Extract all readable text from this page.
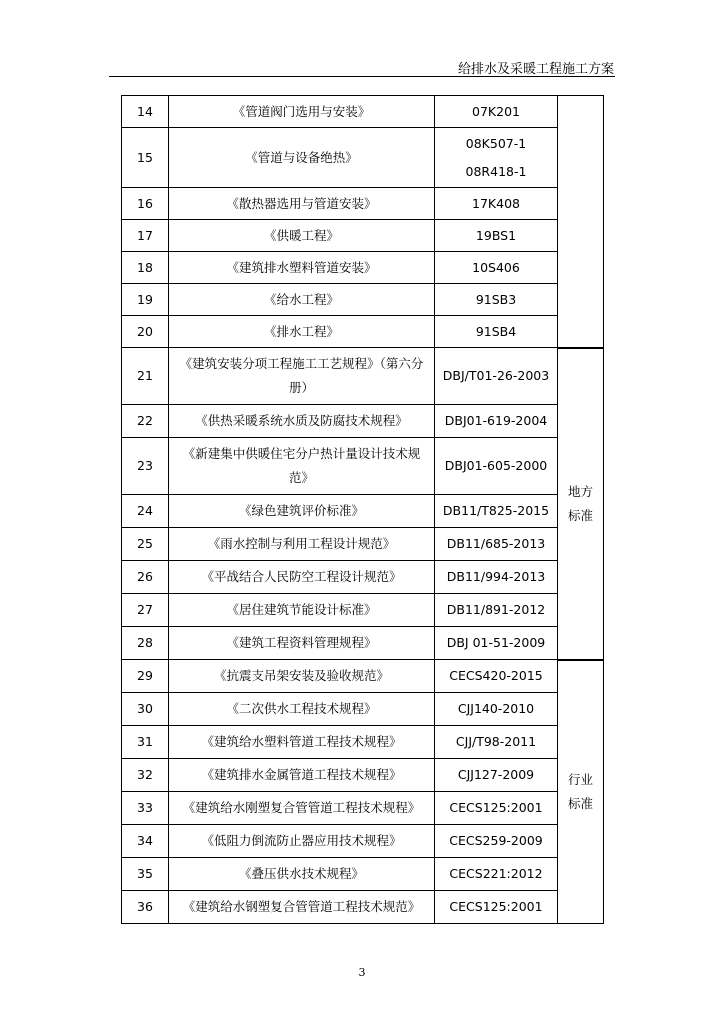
给排水及采暖工程施工方案
14	《管道阀门选用与安装》	07K201	

15	《管道与设备绝热》	08K507-1
08R418-1	

16	《散热器选用与管道安装》	17K408	

17	《供暖工程》	19BS1	

18	《建筑排水塑料管道安装》	10S406	

19	《给水工程》	91SB3	

20	《排水工程》	91SB4	

21	《建筑安装分项工程施工工艺规程》（第六分册）	DBJ/T01-26-2003	地方标准
22	《供热采暖系统水质及防腐技术规程》	DBJ01-619-2004	

23	《新建集中供暖住宅分户热计量设计技术规范》	DBJ01-605-2000	

24	《绿色建筑评价标准》	DB11/T825-2015	

25	《雨水控制与利用工程设计规范》	DB11/685-2013	

26	《平战结合人民防空工程设计规范》	DB11/994-2013	

27	《居住建筑节能设计标准》	DB11/891-2012	

28	《建筑工程资料管理规程》	DBJ 01-51-2009	

29	《抗震支吊架安装及验收规范》	CECS420-2015	行业标准
30	《二次供水工程技术规程》	CJJ140-2010	

31	《建筑给水塑料管道工程技术规程》	CJJ/T98-2011	

32	《建筑排水金属管道工程技术规程》	CJJ127-2009	

33	《建筑给水刚塑复合管管道工程技术规程》	CECS125:2001	

34	《低阻力倒流防止器应用技术规程》	CECS259-2009	

35	《叠压供水技术规程》	CECS221:2012	

36	《建筑给水钢塑复合管管道工程技术规范》	CECS125:2001	
3
